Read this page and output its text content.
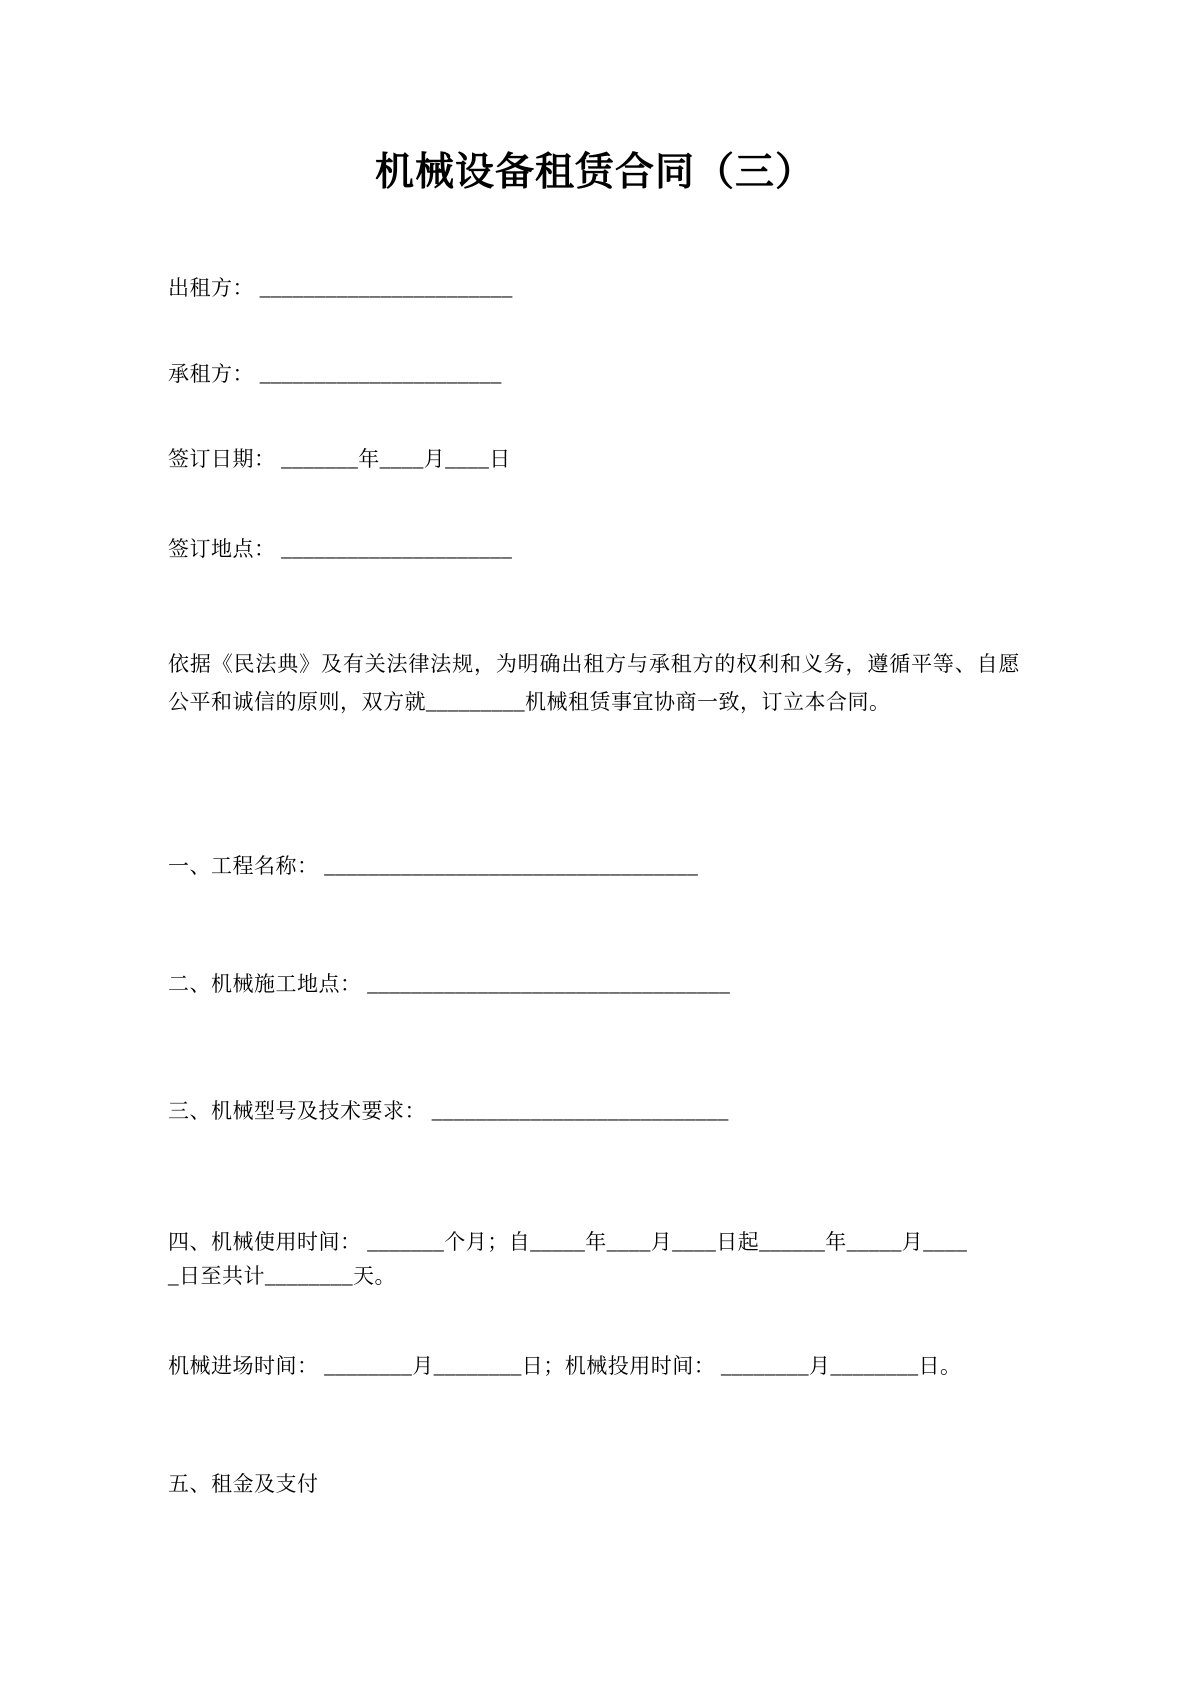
机械设备租赁合同（三）

出租方： _______________________

承租方： ______________________

签订日期： _______年____月____日

签订地点： _____________________

依据《民法典》及有关法律法规，为明确出租方与承租方的权利和义务，遵循平等、自愿公平和诚信的原则，双方就_________机械租赁事宜协商一致，订立本合同。

一、工程名称： __________________________________

二、机械施工地点： _________________________________

三、机械型号及技术要求： ___________________________

四、机械使用时间： _______个月；自_____年____月____日起______年_____月____
_日至共计________天。

机械进场时间： ________月________日；机械投用时间： ________月________日。

五、租金及支付
